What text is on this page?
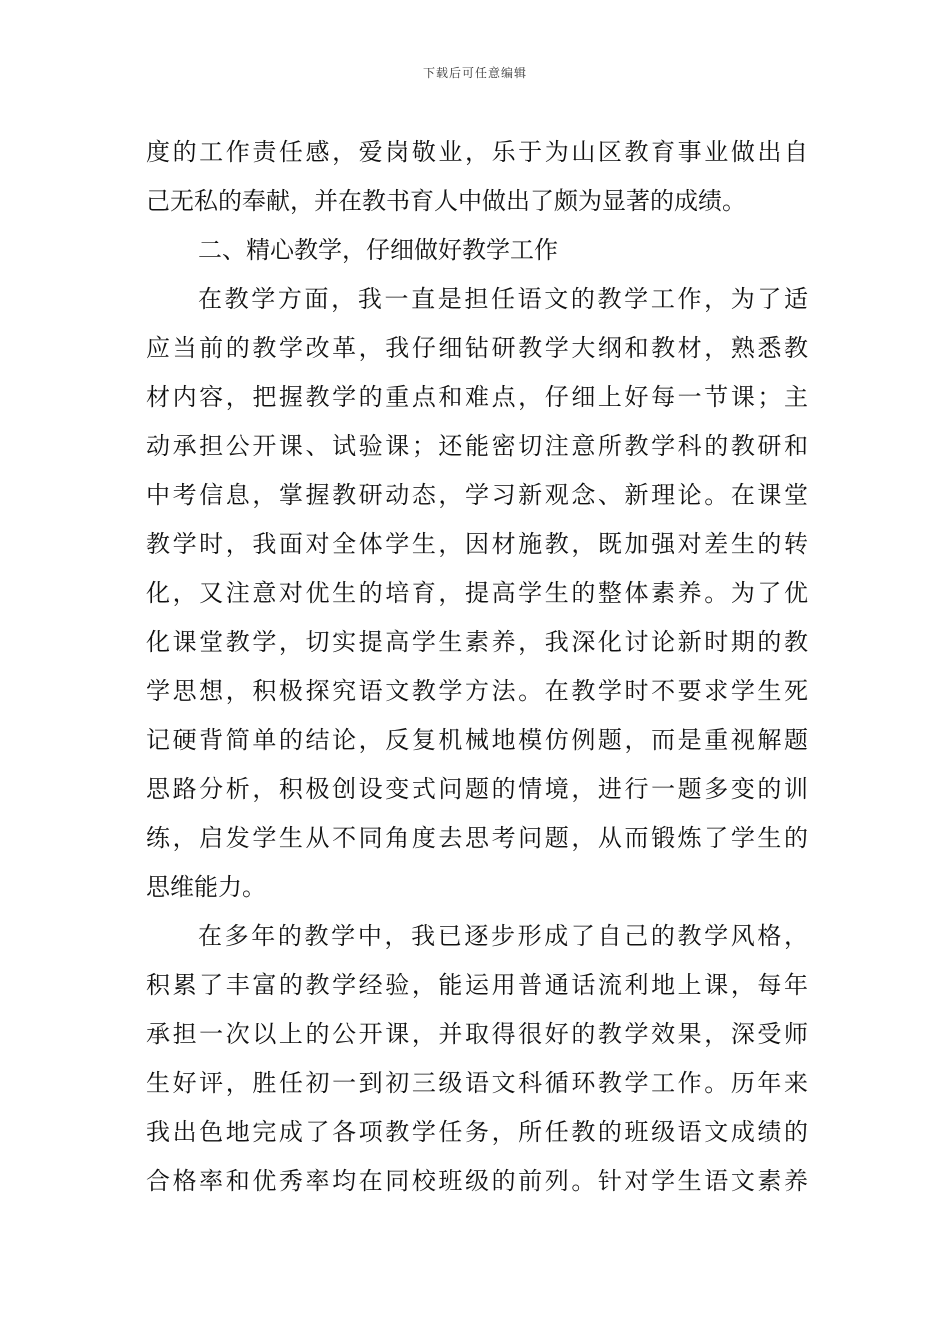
下载后可任意编辑
度的工作责任感，爱岗敬业，乐于为山区教育事业做出自
己无私的奉献，并在教书育人中做出了颇为显著的成绩。
二、精心教学，仔细做好教学工作
在教学方面，我一直是担任语文的教学工作，为了适
应当前的教学改革，我仔细钻研教学大纲和教材，熟悉教
材内容，把握教学的重点和难点，仔细上好每一节课；主
动承担公开课、试验课；还能密切注意所教学科的教研和
中考信息，掌握教研动态，学习新观念、新理论。在课堂
教学时，我面对全体学生，因材施教，既加强对差生的转
化，又注意对优生的培育，提高学生的整体素养。为了优
化课堂教学，切实提高学生素养，我深化讨论新时期的教
学思想，积极探究语文教学方法。在教学时不要求学生死
记硬背简单的结论，反复机械地模仿例题，而是重视解题
思路分析，积极创设变式问题的情境，进行一题多变的训
练，启发学生从不同角度去思考问题，从而锻炼了学生的
思维能力。
在多年的教学中，我已逐步形成了自己的教学风格，
积累了丰富的教学经验，能运用普通话流利地上课，每年
承担一次以上的公开课，并取得很好的教学效果，深受师
生好评，胜任初一到初三级语文科循环教学工作。历年来
我出色地完成了各项教学任务，所任教的班级语文成绩的
合格率和优秀率均在同校班级的前列。针对学生语文素养
